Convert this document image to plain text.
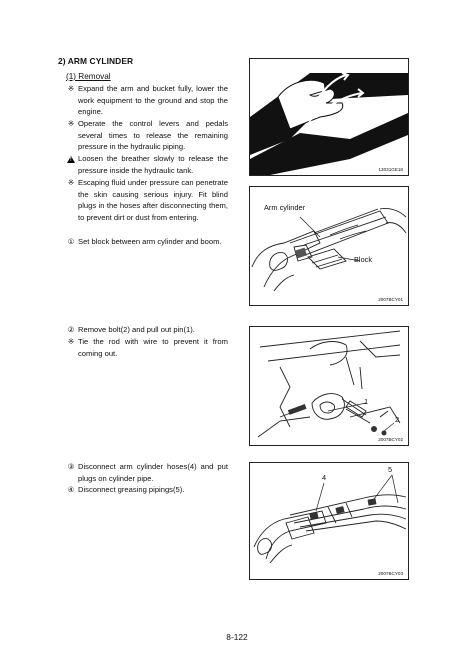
2) ARM CYLINDER
(1) Removal
※ Expand the arm and bucket fully, lower the work equipment to the ground and stop the engine.
※ Operate the control levers and pedals several times to release the remaining pressure in the hydraulic piping.
!
Loosen the breather slowly to release the pressure inside the hydraulic tank.
※ Escaping fluid under pressure can penetrate the skin causing serious injury. Fit blind plugs in the hoses after disconnecting them, to prevent dirt or dust from entering.
① Set block between arm cylinder and boom.
② Remove bolt(2) and pull out pin(1).
※ Tie the rod with wire to prevent it from coming out.
③ Disconnect arm cylinder hoses(4) and put plugs on cylinder pipe.
④ Disconnect greasing pipings(5).
13031GE18
Arm cylinder
Block
2007BCY01
1
2
2007BCY02
4
5
2007BCY03
8-122
